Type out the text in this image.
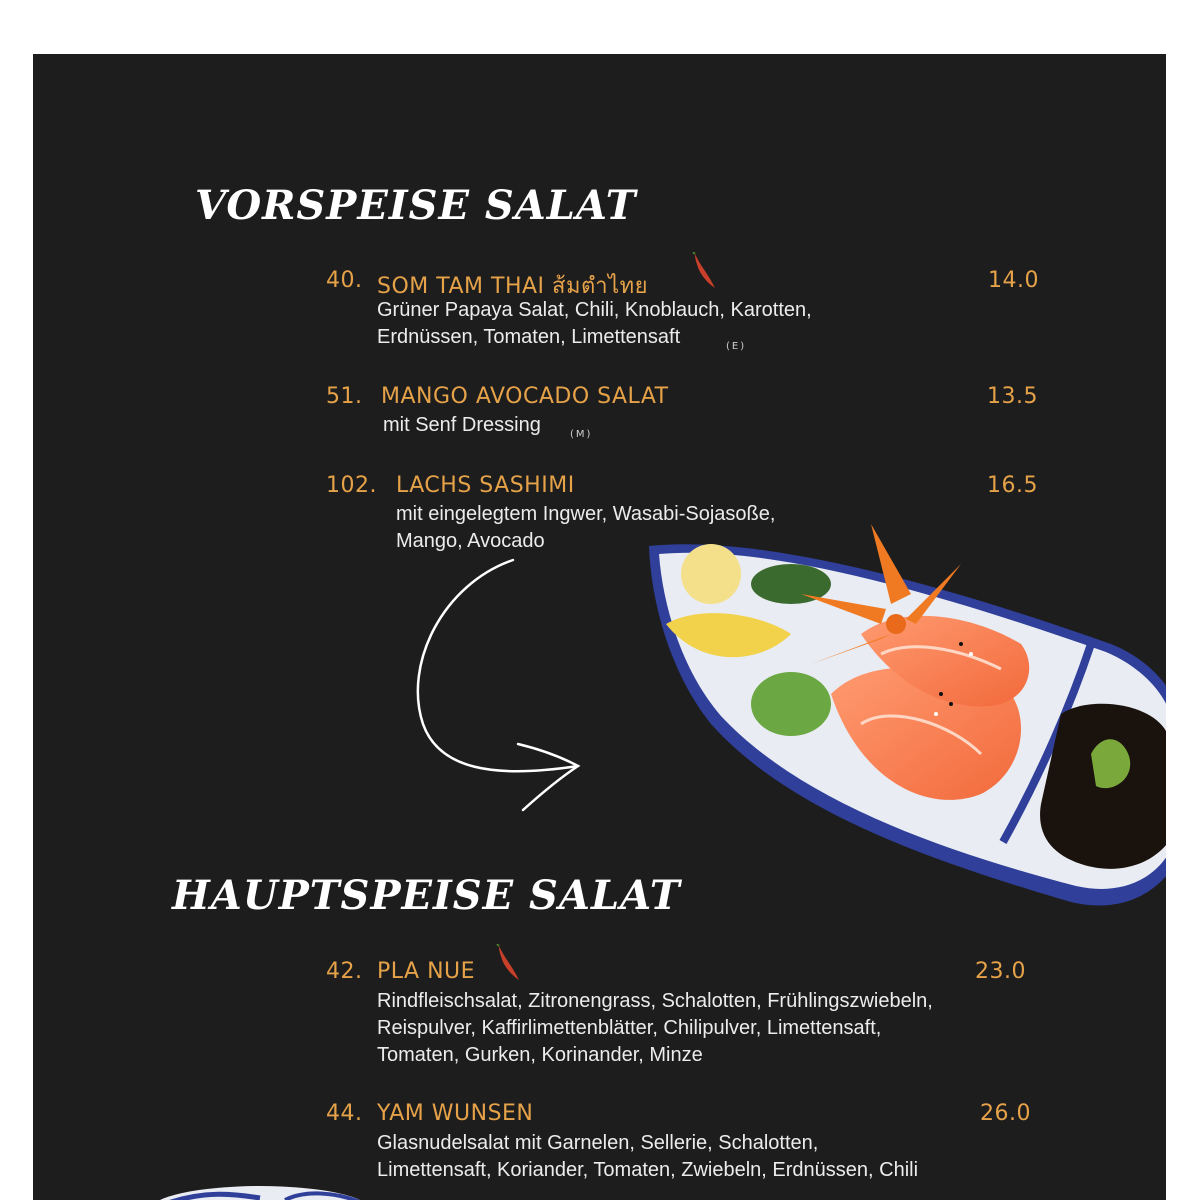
VORSPEISE SALAT
40. SOM TAM THAI ส้มตำไทย	14.0
Grüner Papaya Salat, Chili, Knoblauch, Karotten,
Erdnüssen, Tomaten, Limettensaft	(E)
51. MANGO AVOCADO SALAT	13.5
mit Senf Dressing	(M)
102. LACHS SASHIMI	16.5
mit eingelegtem Ingwer, Wasabi-Sojasoße,
Mango, Avocado
HAUPTSPEISE SALAT
42. PLA NUE	23.0
Rindfleischsalat, Zitronengrass, Schalotten, Frühlingszwiebeln,
Reispulver, Kaffirlimettenblätter, Chilipulver, Limettensaft,
Tomaten, Gurken, Korinander, Minze
44. YAM WUNSEN	26.0
Glasnudelsalat mit Garnelen, Sellerie, Schalotten,
Limettensaft, Koriander, Tomaten, Zwiebeln, Erdnüssen, Chili
